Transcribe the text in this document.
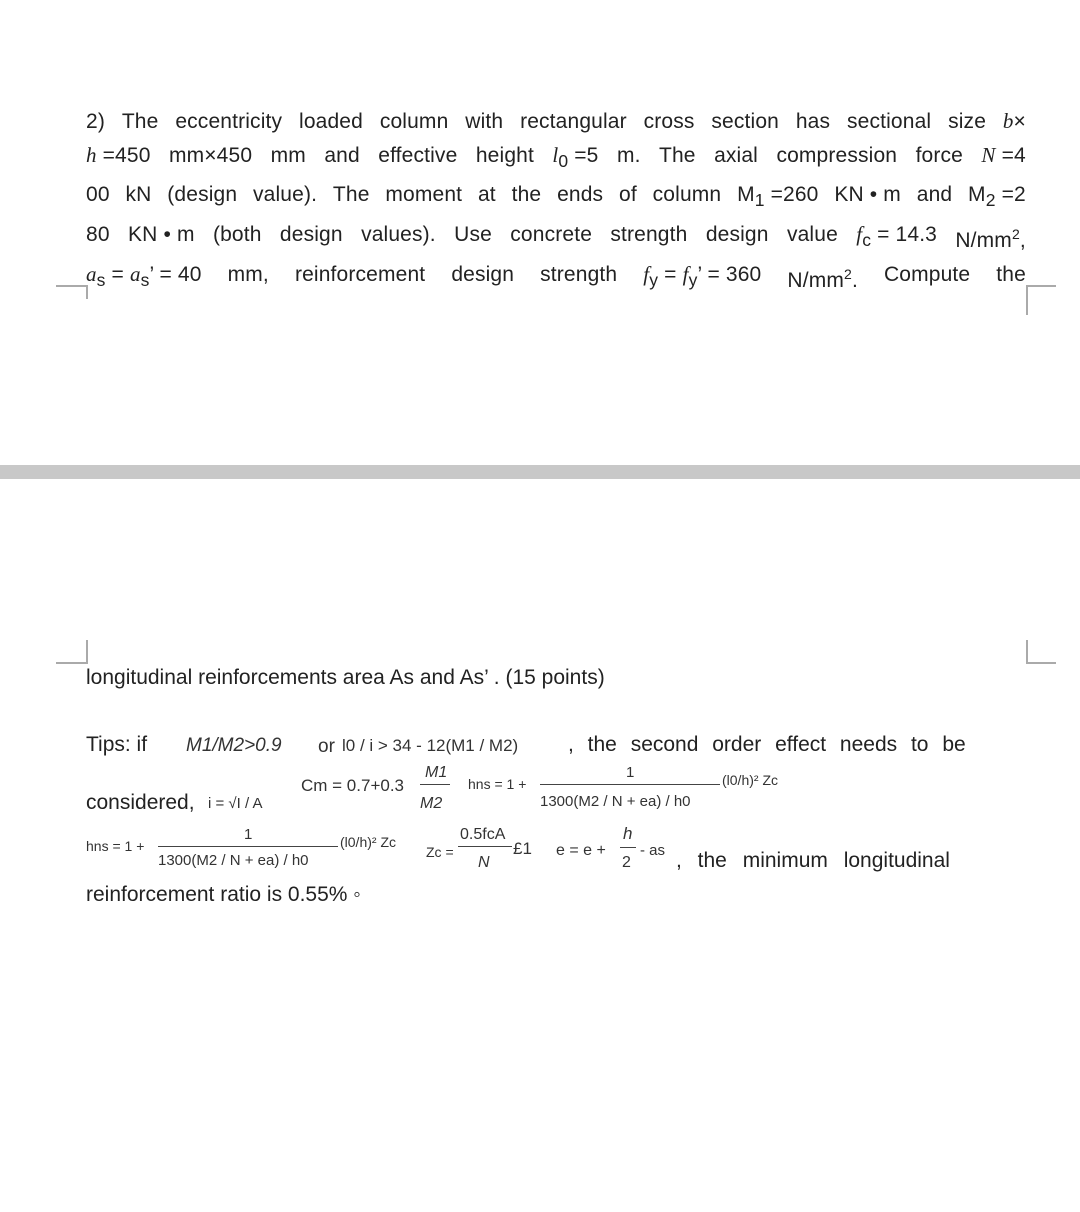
2) The eccentricity loaded column with rectangular cross section has sectional size b×
h =450 mm×450 mm and effective height $l_0 =5$ m. The axial compression force N =4
00 kN (design value). The moment at the ends of column $M_1 =260$ KN • m and $M_2 =2$
80 KN • m (both design values). Use concrete strength design value $f_c = 14.3$ $N/mm^2$,
$a_s = a_s$’ = 40 mm, reinforcement design strength $f_y = f_y$’ = 360 $N/mm^2$. Compute the
longitudinal reinforcements area As and As’ . (15 points)
Tips: if M1/M2>0.9 or l0 / i > 34 - 12(M1 / M2) , the second order effect needs to be
considered, i = √I / A
Cm = 0.7+0.3
M1
M2
hns = 1 +
1
1300(M2 / N + ea) / h0
(l0/h)² Zc
hns = 1 +
1
1300(M2 / N + ea) / h0
(l0/h)² Zc
Zc =
0.5fcA
N
£1 e = e +
h
2
- as , the minimum longitudinal
reinforcement ratio is 0.55% ◦
